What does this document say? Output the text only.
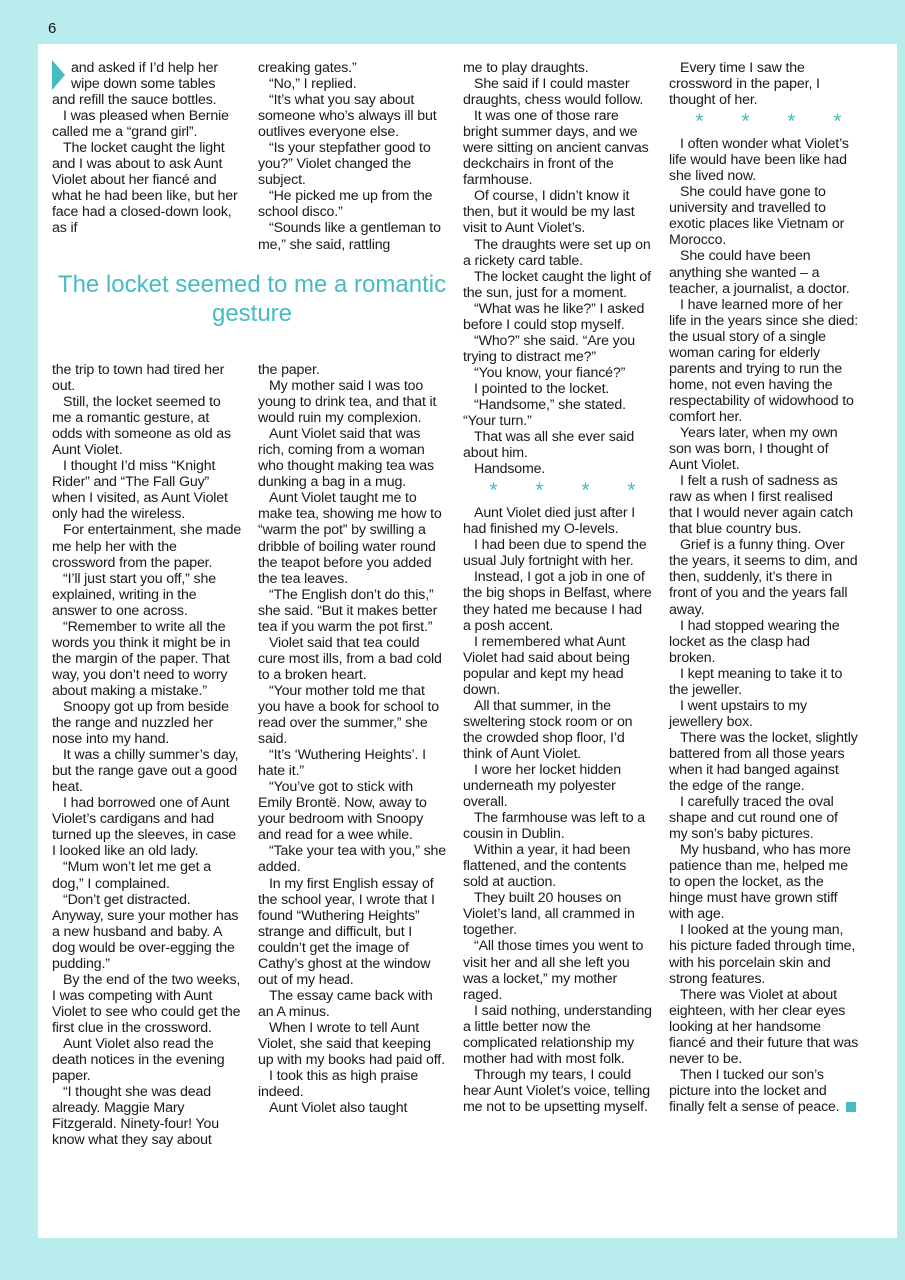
6

and asked if I’d help her wipe down some tables and refill the sauce bottles.

I was pleased when Bernie called me a “grand girl”.

The locket caught the light and I was about to ask Aunt Violet about her fiancé and what he had been like, but her face had a closed-down look, as if

creaking gates.”

“No,” I replied.

“It’s what you say about someone who’s always ill but outlives everyone else.

“Is your stepfather good to you?” Violet changed the subject.

“He picked me up from the school disco.”

“Sounds like a gentleman to me,” she said, rattling

The locket seemed to me a romantic gesture

the trip to town had tired her out.

Still, the locket seemed to me a romantic gesture, at odds with someone as old as Aunt Violet.

I thought I’d miss “Knight Rider” and “The Fall Guy” when I visited, as Aunt Violet only had the wireless.

For entertainment, she made me help her with the crossword from the paper.

“I’ll just start you off,” she explained, writing in the answer to one across.

“Remember to write all the words you think it might be in the margin of the paper. That way, you don’t need to worry about making a mistake.”

Snoopy got up from beside the range and nuzzled her nose into my hand.

It was a chilly summer’s day, but the range gave out a good heat.

I had borrowed one of Aunt Violet’s cardigans and had turned up the sleeves, in case I looked like an old lady.

“Mum won’t let me get a dog,” I complained.

“Don’t get distracted. Anyway, sure your mother has a new husband and baby. A dog would be over-egging the pudding.”

By the end of the two weeks, I was competing with Aunt Violet to see who could get the first clue in the crossword.

Aunt Violet also read the death notices in the evening paper.

“I thought she was dead already. Maggie Mary Fitzgerald. Ninety-four! You know what they say about

the paper.

My mother said I was too young to drink tea, and that it would ruin my complexion.

Aunt Violet said that was rich, coming from a woman who thought making tea was dunking a bag in a mug.

Aunt Violet taught me to make tea, showing me how to “warm the pot” by swilling a dribble of boiling water round the teapot before you added the tea leaves.

“The English don’t do this,” she said. “But it makes better tea if you warm the pot first.”

Violet said that tea could cure most ills, from a bad cold to a broken heart.

“Your mother told me that you have a book for school to read over the summer,” she said.

“It’s ‘Wuthering Heights’. I hate it.”

“You’ve got to stick with Emily Brontë. Now, away to your bedroom with Snoopy and read for a wee while.

“Take your tea with you,” she added.

In my first English essay of the school year, I wrote that I found “Wuthering Heights” strange and difficult, but I couldn’t get the image of Cathy’s ghost at the window out of my head.

The essay came back with an A minus.

When I wrote to tell Aunt Violet, she said that keeping up with my books had paid off.

I took this as high praise indeed.

Aunt Violet also taught

me to play draughts.

She said if I could master draughts, chess would follow.

It was one of those rare bright summer days, and we were sitting on ancient canvas deckchairs in front of the farmhouse.

Of course, I didn’t know it then, but it would be my last visit to Aunt Violet’s.

The draughts were set up on a rickety card table.

The locket caught the light of the sun, just for a moment.

“What was he like?” I asked before I could stop myself.

“Who?” she said. “Are you trying to distract me?”

“You know, your fiancé?”

I pointed to the locket.

“Handsome,” she stated. “Your turn.”

That was all she ever said about him.

Handsome.

* * * *

Aunt Violet died just after I had finished my O-levels.

I had been due to spend the usual July fortnight with her.

Instead, I got a job in one of the big shops in Belfast, where they hated me because I had a posh accent.

I remembered what Aunt Violet had said about being popular and kept my head down.

All that summer, in the sweltering stock room or on the crowded shop floor, I’d think of Aunt Violet.

I wore her locket hidden underneath my polyester overall.

The farmhouse was left to a cousin in Dublin.

Within a year, it had been flattened, and the contents sold at auction.

They built 20 houses on Violet’s land, all crammed in together.

“All those times you went to visit her and all she left you was a locket,” my mother raged.

I said nothing, understanding a little better now the complicated relationship my mother had with most folk.

Through my tears, I could hear Aunt Violet’s voice, telling me not to be upsetting myself.

Every time I saw the crossword in the paper, I thought of her.

* * * *

I often wonder what Violet’s life would have been like had she lived now.

She could have gone to university and travelled to exotic places like Vietnam or Morocco.

She could have been anything she wanted – a teacher, a journalist, a doctor.

I have learned more of her life in the years since she died: the usual story of a single woman caring for elderly parents and trying to run the home, not even having the respectability of widowhood to comfort her.

Years later, when my own son was born, I thought of Aunt Violet.

I felt a rush of sadness as raw as when I first realised that I would never again catch that blue country bus.

Grief is a funny thing. Over the years, it seems to dim, and then, suddenly, it’s there in front of you and the years fall away.

I had stopped wearing the locket as the clasp had broken.

I kept meaning to take it to the jeweller.

I went upstairs to my jewellery box.

There was the locket, slightly battered from all those years when it had banged against the edge of the range.

I carefully traced the oval shape and cut round one of my son’s baby pictures.

My husband, who has more patience than me, helped me to open the locket, as the hinge must have grown stiff with age.

I looked at the young man, his picture faded through time, with his porcelain skin and strong features.

There was Violet at about eighteen, with her clear eyes looking at her handsome fiancé and their future that was never to be.

Then I tucked our son’s picture into the locket and finally felt a sense of peace.
